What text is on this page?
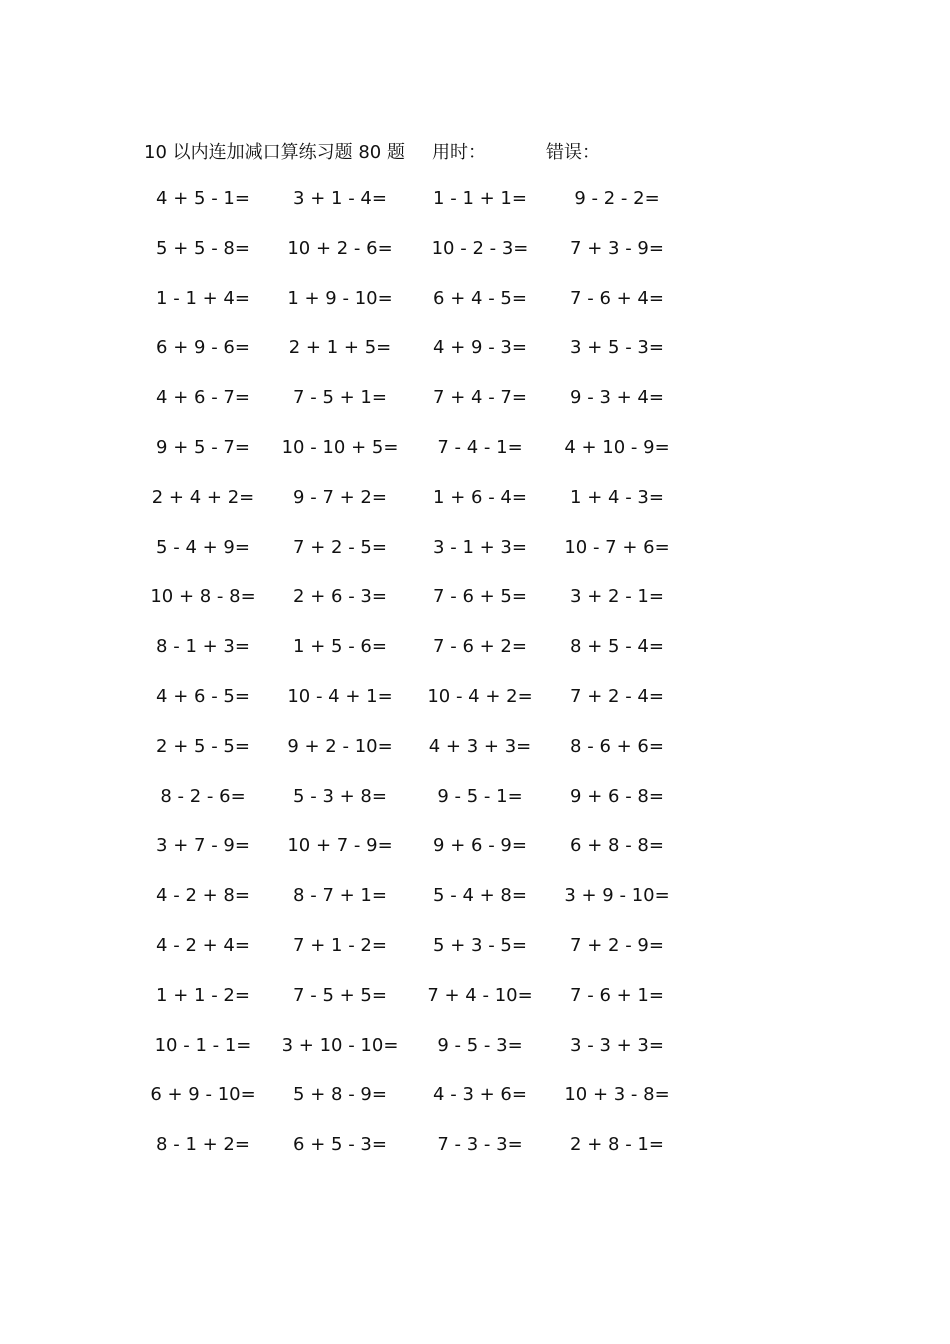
10 以内连加减口算练习题 80 题 用时：	错误：
4 + 5 - 1= 3 + 1 - 4=	1 - 1 + 1=	9 - 2 - 2=
5 + 5 - 8= 10 + 2 - 6= 10 - 2 - 3= 7 + 3 - 9=
1 - 1 + 4= 1 + 9 - 10= 6 + 4 - 5= 7 - 6 + 4=
6 + 9 - 6= 2 + 1 + 5= 4 + 9 - 3= 3 + 5 - 3=
4 + 6 - 7= 7 - 5 + 1=	7 + 4 - 7= 9 - 3 + 4=
9 + 5 - 7= 10 - 10 + 5= 7 - 4 - 1= 4 + 10 - 9=
2 + 4 + 2= 9 - 7 + 2=	1 + 6 - 4= 1 + 4 - 3=
5 - 4 + 9= 7 + 2 - 5=	3 - 1 + 3= 10 - 7 + 6=
10 + 8 - 8= 2 + 6 - 3=	7 - 6 + 5= 3 + 2 - 1=
8 - 1 + 3= 1 + 5 - 6=	7 - 6 + 2= 8 + 5 - 4=
4 + 6 - 5= 10 - 4 + 1= 10 - 4 + 2= 7 + 2 - 4=
2 + 5 - 5= 9 + 2 - 10= 4 + 3 + 3= 8 - 6 + 6=
8 - 2 - 6=	5 - 3 + 8=	9 - 5 - 1=	9 + 6 - 8=
3 + 7 - 9= 10 + 7 - 9= 9 + 6 - 9= 6 + 8 - 8=
4 - 2 + 8= 8 - 7 + 1=	5 - 4 + 8= 3 + 9 - 10=
4 - 2 + 4= 7 + 1 - 2=	5 + 3 - 5= 7 + 2 - 9=
1 + 1 - 2= 7 - 5 + 5= 7 + 4 - 10= 7 - 6 + 1=
10 - 1 - 1= 3 + 10 - 10= 9 - 5 - 3=	3 - 3 + 3=
6 + 9 - 10= 5 + 8 - 9=	4 - 3 + 6= 10 + 3 - 8=
8 - 1 + 2= 6 + 5 - 3=	7 - 3 - 3=	2 + 8 - 1=
